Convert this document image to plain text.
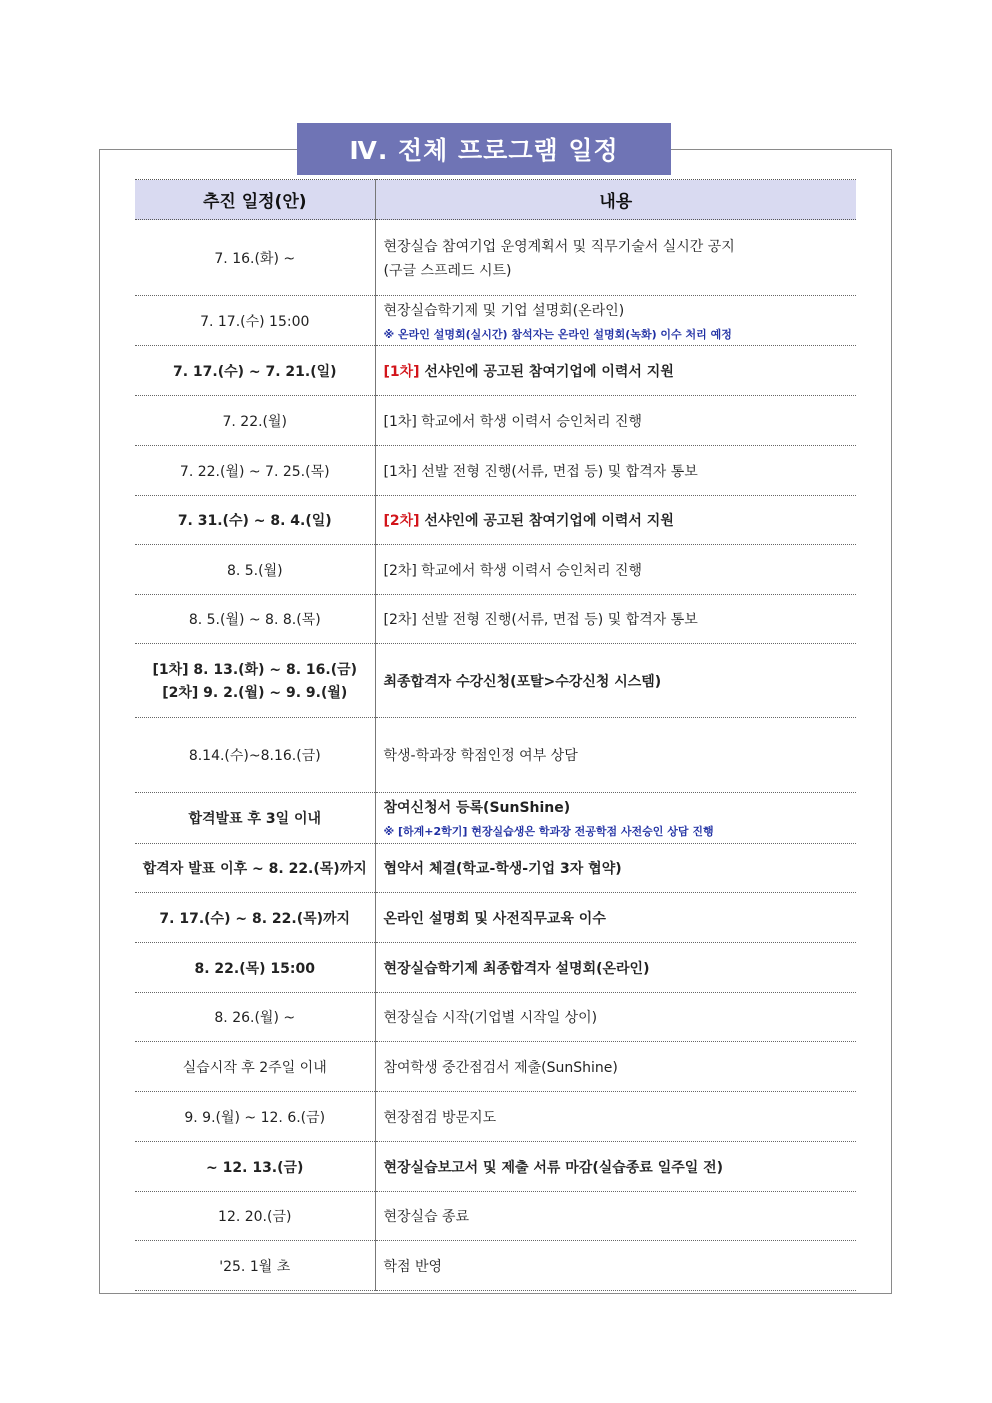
Ⅳ. 전체 프로그램 일정
추진 일정(안)	내용
7. 16.(화) ~	현장실습 참여기업 운영계획서 및 직무기술서 실시간 공지
(구글 스프레드 시트)

7. 17.(수) 15:00	현장실습학기제 및 기업 설명회(온라인)
※ 온라인 설명회(실시간) 참석자는 온라인 설명회(녹화) 이수 처리 예정

7. 17.(수) ~ 7. 21.(일)	[1차] 선샤인에 공고된 참여기업에 이력서 지원
7. 22.(월)	[1차] 학교에서 학생 이력서 승인처리 진행
7. 22.(월) ~ 7. 25.(목)	[1차] 선발 전형 진행(서류, 면접 등) 및 합격자 통보
7. 31.(수) ~ 8. 4.(일)	[2차] 선샤인에 공고된 참여기업에 이력서 지원
8. 5.(월)	[2차] 학교에서 학생 이력서 승인처리 진행
8. 5.(월) ~ 8. 8.(목)	[2차] 선발 전형 진행(서류, 면접 등) 및 합격자 통보

[1차] 8. 13.(화) ~ 8. 16.(금)
[2차] 9. 2.(월) ~ 9. 9.(월)	최종합격자 수강신청(포탈>수강신청 시스템)
8.14.(수)~8.16.(금)	학생-학과장 학점인정 여부 상담
합격발표 후 3일 이내	참여신청서 등록(SunShine)
※ [하계+2학기] 현장실습생은 학과장 전공학점 사전승인 상담 진행

합격자 발표 이후 ~ 8. 22.(목)까지	협약서 체결(학교-학생-기업 3자 협약)
7. 17.(수) ~ 8. 22.(목)까지	온라인 설명회 및 사전직무교육 이수
8. 22.(목) 15:00	현장실습학기제 최종합격자 설명회(온라인)
8. 26.(월) ~	현장실습 시작(기업별 시작일 상이)
실습시작 후 2주일 이내	참여학생 중간점검서 제출(SunShine)
9. 9.(월) ~ 12. 6.(금)	현장점검 방문지도
~ 12. 13.(금)	현장실습보고서 및 제출 서류 마감(실습종료 일주일 전)
12. 20.(금)	현장실습 종료
'25. 1월 초	학점 반영
